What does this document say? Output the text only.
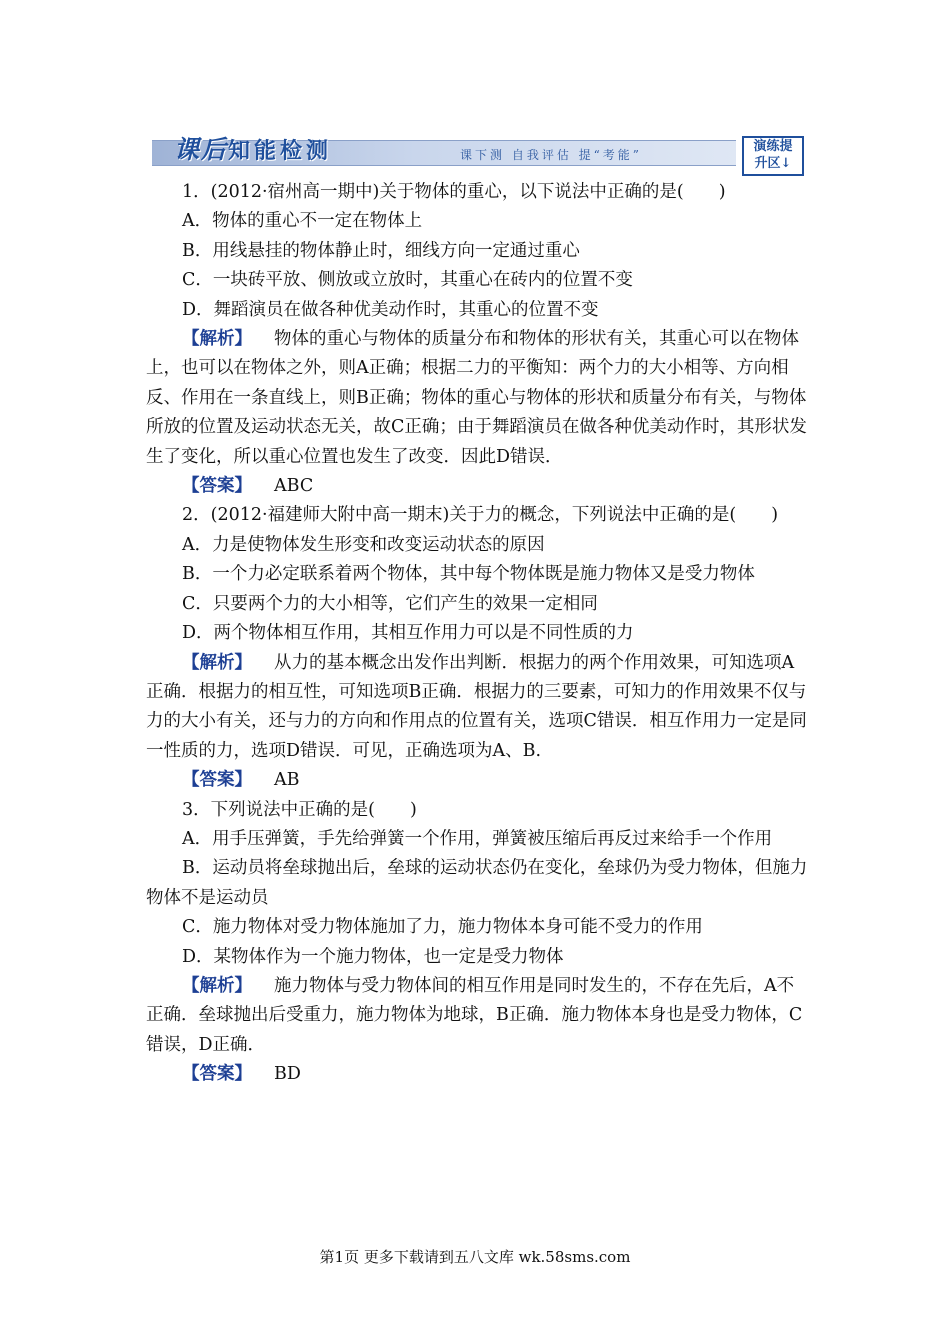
课后知能检测	课下测 自我评估 提“考能”
演练提
升区↓

1．(2012·宿州高一期中)关于物体的重心，以下说法中正确的是(　　)

A．物体的重心不一定在物体上

B．用线悬挂的物体静止时，细线方向一定通过重心

C．一块砖平放、侧放或立放时，其重心在砖内的位置不变

D．舞蹈演员在做各种优美动作时，其重心的位置不变

【解析】 物体的重心与物体的质量分布和物体的形状有关，其重心可以在物体上，也可以在物体之外，则A正确；根据二力的平衡知：两个力的大小相等、方向相反、作用在一条直线上，则B正确；物体的重心与物体的形状和质量分布有关，与物体所放的位置及运动状态无关，故C正确；由于舞蹈演员在做各种优美动作时，其形状发生了变化，所以重心位置也发生了改变．因此D错误．

【答案】 ABC

2．(2012·福建师大附中高一期末)关于力的概念，下列说法中正确的是(　　)

A．力是使物体发生形变和改变运动状态的原因

B．一个力必定联系着两个物体，其中每个物体既是施力物体又是受力物体

C．只要两个力的大小相等，它们产生的效果一定相同

D．两个物体相互作用，其相互作用力可以是不同性质的力

【解析】 从力的基本概念出发作出判断．根据力的两个作用效果，可知选项A正确．根据力的相互性，可知选项B正确．根据力的三要素，可知力的作用效果不仅与力的大小有关，还与力的方向和作用点的位置有关，选项C错误．相互作用力一定是同一性质的力，选项D错误．可见，正确选项为A、B.

【答案】 AB

3．下列说法中正确的是(　　)

A．用手压弹簧，手先给弹簧一个作用，弹簧被压缩后再反过来给手一个作用

B．运动员将垒球抛出后，垒球的运动状态仍在变化，垒球仍为受力物体，但施力物体不是运动员

C．施力物体对受力物体施加了力，施力物体本身可能不受力的作用

D．某物体作为一个施力物体，也一定是受力物体

【解析】 施力物体与受力物体间的相互作用是同时发生的，不存在先后，A不正确．垒球抛出后受重力，施力物体为地球，B正确．施力物体本身也是受力物体，C错误，D正确．

【答案】 BD

第1页 更多下载请到五八文库 wk.58sms.com
